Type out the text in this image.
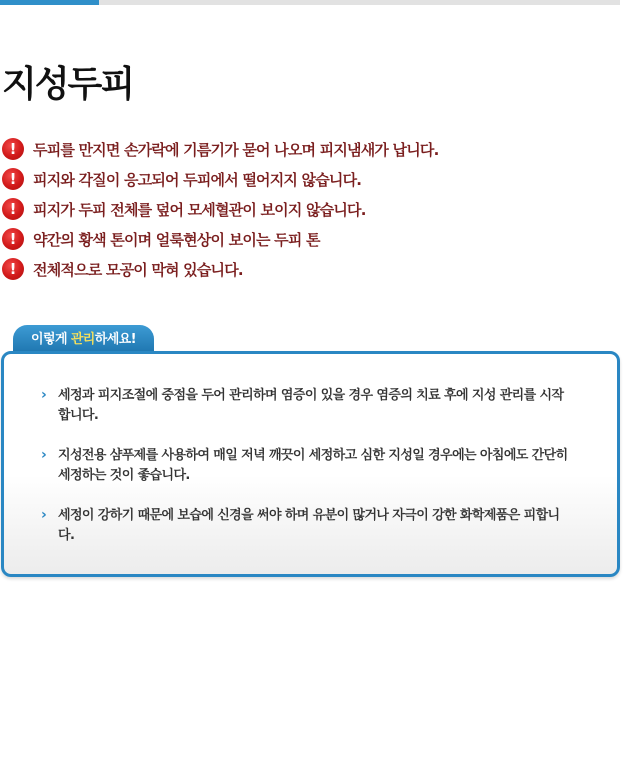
지성두피
!	두피를 만지면 손가락에 기름기가 묻어 나오며 피지냄새가 납니다.
!	피지와 각질이 응고되어 두피에서 떨어지지 않습니다.
!	피지가 두피 전체를 덮어 모세혈관이 보이지 않습니다.
!	약간의 황색 톤이며 얼룩현상이 보이는 두피 톤
!	전체적으로 모공이 막혀 있습니다.
이렇게 관리하세요!
› 세정과 피지조절에 중점을 두어 관리하며 염증이 있을 경우 염증의 치료 후에 지성 관리를 시작합니다.
› 지성전용 샴푸제를 사용하여 매일 저녁 깨끗이 세정하고 심한 지성일 경우에는 아침에도 간단히 세정하는 것이 좋습니다.
› 세정이 강하기 때문에 보습에 신경을 써야 하며 유분이 많거나 자극이 강한 화학제품은 피합니다.
